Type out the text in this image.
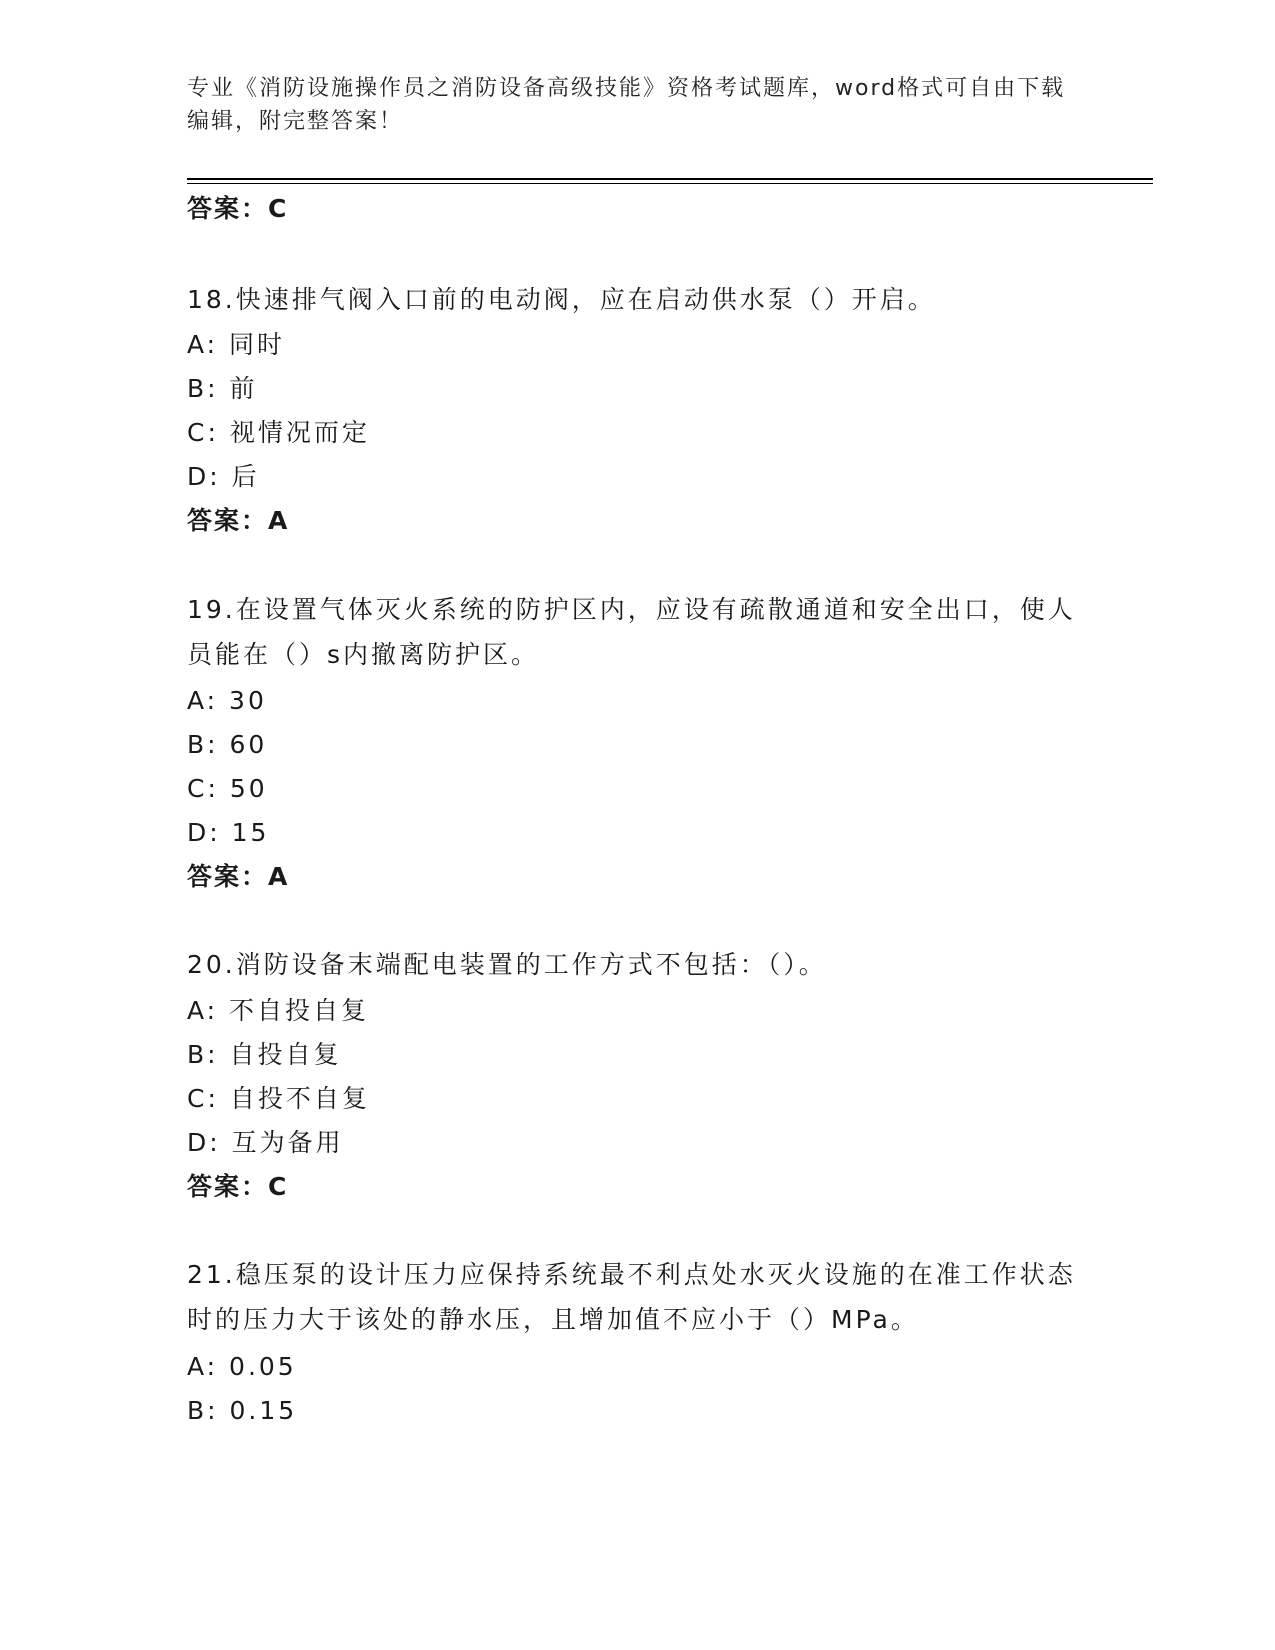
专业《消防设施操作员之消防设备高级技能》资格考试题库，word格式可自由下载编辑，附完整答案！
答案：C
18.快速排气阀入口前的电动阀，应在启动供水泵（）开启。
A: 同时
B: 前
C: 视情况而定
D: 后
答案：A
19.在设置气体灭火系统的防护区内，应设有疏散通道和安全出口，使人员能在（）s内撤离防护区。
A: 30
B: 60
C: 50
D: 15
答案：A
20.消防设备末端配电装置的工作方式不包括：（）。
A: 不自投自复
B: 自投自复
C: 自投不自复
D: 互为备用
答案：C
21.稳压泵的设计压力应保持系统最不利点处水灭火设施的在准工作状态时的压力大于该处的静水压，且增加值不应小于（）MPa。
A: 0.05
B: 0.15
